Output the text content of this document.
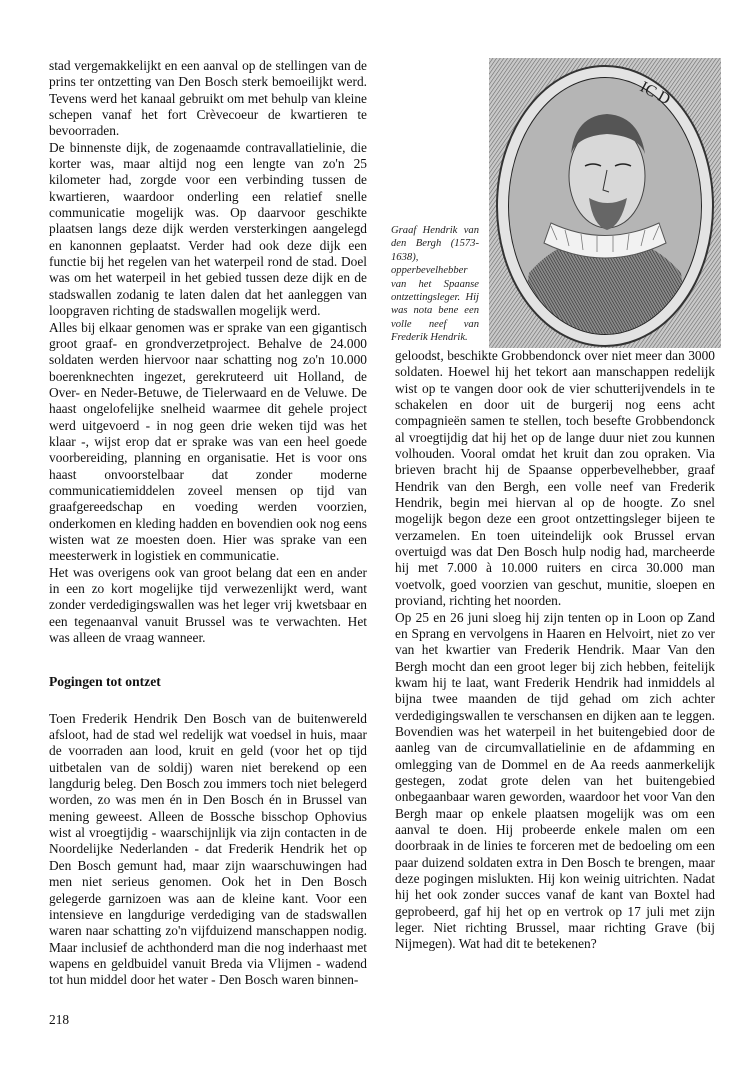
stad vergemakkelijkt en een aanval op de stellingen van de prins ter ontzetting van Den Bosch sterk bemoeilijkt werd. Tevens werd het kanaal gebruikt om met behulp van kleine schepen vanaf het fort Crèvecoeur de kwartieren te bevoorraden.

De binnenste dijk, de zogenaamde contravallatielinie, die korter was, maar altijd nog een lengte van zo'n 25 kilometer had, zorgde voor een verbinding tussen de kwartieren, waardoor onderling een relatief snelle communicatie mogelijk was. Op daarvoor geschikte plaatsen langs deze dijk werden versterkingen aangelegd en kanonnen geplaatst. Verder had ook deze dijk een functie bij het regelen van het waterpeil rond de stad. Doel was om het waterpeil in het gebied tussen deze dijk en de stadswallen zodanig te laten dalen dat het aanleggen van loopgraven richting de stadswallen mogelijk werd.

Alles bij elkaar genomen was er sprake van een gigantisch groot graaf- en grondverzetproject. Behalve de 24.000 soldaten werden hiervoor naar schatting nog zo'n 10.000 boerenknechten ingezet, gerekruteerd uit Holland, de Over- en Neder-Betuwe, de Tielerwaard en de Veluwe. De haast ongelofelijke snelheid waarmee dit gehele project werd uitgevoerd - in nog geen drie weken tijd was het klaar -, wijst erop dat er sprake was van een heel goede voorbereiding, planning en organisatie. Het is voor ons haast onvoorstelbaar dat zonder moderne communicatiemiddelen zoveel mensen op tijd van graafgereedschap en voeding werden voorzien, onderkomen en kleding hadden en bovendien ook nog eens wisten wat ze moesten doen. Hier was sprake van een meesterwerk in logistiek en communicatie.

Het was overigens ook van groot belang dat een en ander in een zo kort mogelijke tijd verwezenlijkt werd, want zonder verdedigingswallen was het leger vrij kwetsbaar en een tegenaanval vanuit Brussel was te verwachten. Het was alleen de vraag wanneer.

Pogingen tot ontzet

Toen Frederik Hendrik Den Bosch van de buitenwereld afsloot, had de stad wel redelijk wat voedsel in huis, maar de voorraden aan lood, kruit en geld (voor het op tijd uitbetalen van de soldij) waren niet berekend op een langdurig beleg. Den Bosch zou immers toch niet belegerd worden, zo was men én in Den Bosch én in Brussel van mening geweest. Alleen de Bossche bisschop Ophovius wist al vroegtijdig - waarschijnlijk via zijn contacten in de Noordelijke Nederlanden - dat Frederik Hendrik het op Den Bosch gemunt had, maar zijn waarschuwingen had men niet serieus genomen. Ook het in Den Bosch gelegerde garnizoen was aan de kleine kant. Voor een intensieve en langdurige verdediging van de stadswallen waren naar schatting zo'n vijfduizend manschappen nodig. Maar inclusief de achthonderd man die nog inderhaast met wapens en geldbuidel vanuit Breda via Vlijmen - wadend tot hun middel door het water - Den Bosch waren binnen-

IC D
Graaf Hendrik van den Bergh (1573-1638), opperbevelhebber van het Spaanse ontzettingsleger. Hij was nota bene een volle neef van Frederik Hendrik.

geloodst, beschikte Grobbendonck over niet meer dan 3000 soldaten. Hoewel hij het tekort aan manschappen redelijk wist op te vangen door ook de vier schutterijvendels in te schakelen en door uit de burgerij nog eens acht compagnieën samen te stellen, toch besefte Grobbendonck al vroegtijdig dat hij het op de lange duur niet zou kunnen volhouden. Vooral omdat het kruit dan zou opraken. Via brieven bracht hij de Spaanse opperbevelhebber, graaf Hendrik van den Bergh, een volle neef van Frederik Hendrik, begin mei hiervan al op de hoogte. Zo snel mogelijk begon deze een groot ontzettingsleger bijeen te verzamelen. En toen uiteindelijk ook Brussel ervan overtuigd was dat Den Bosch hulp nodig had, marcheerde hij met 7.000 à 10.000 ruiters en circa 30.000 man voetvolk, goed voorzien van geschut, munitie, sloepen en proviand, richting het noorden.

Op 25 en 26 juni sloeg hij zijn tenten op in Loon op Zand en Sprang en vervolgens in Haaren en Helvoirt, niet zo ver van het kwartier van Frederik Hendrik. Maar Van den Bergh mocht dan een groot leger bij zich hebben, feitelijk kwam hij te laat, want Frederik Hendrik had inmiddels al bijna twee maanden de tijd gehad om zich achter verdedigingswallen te verschansen en dijken aan te leggen. Bovendien was het waterpeil in het buitengebied door de aanleg van de circumvallatielinie en de afdamming en omlegging van de Dommel en de Aa reeds aanmerkelijk gestegen, zodat grote delen van het buitengebied onbegaanbaar waren geworden, waardoor het voor Van den Bergh maar op enkele plaatsen mogelijk was om een aanval te doen. Hij probeerde enkele malen om een doorbraak in de linies te forceren met de bedoeling om een paar duizend soldaten extra in Den Bosch te brengen, maar deze pogingen mislukten. Hij kon weinig uitrichten. Nadat hij het ook zonder succes vanaf de kant van Boxtel had geprobeerd, gaf hij het op en vertrok op 17 juli met zijn leger. Niet richting Brussel, maar richting Grave (bij Nijmegen). Wat had dit te betekenen?

218
